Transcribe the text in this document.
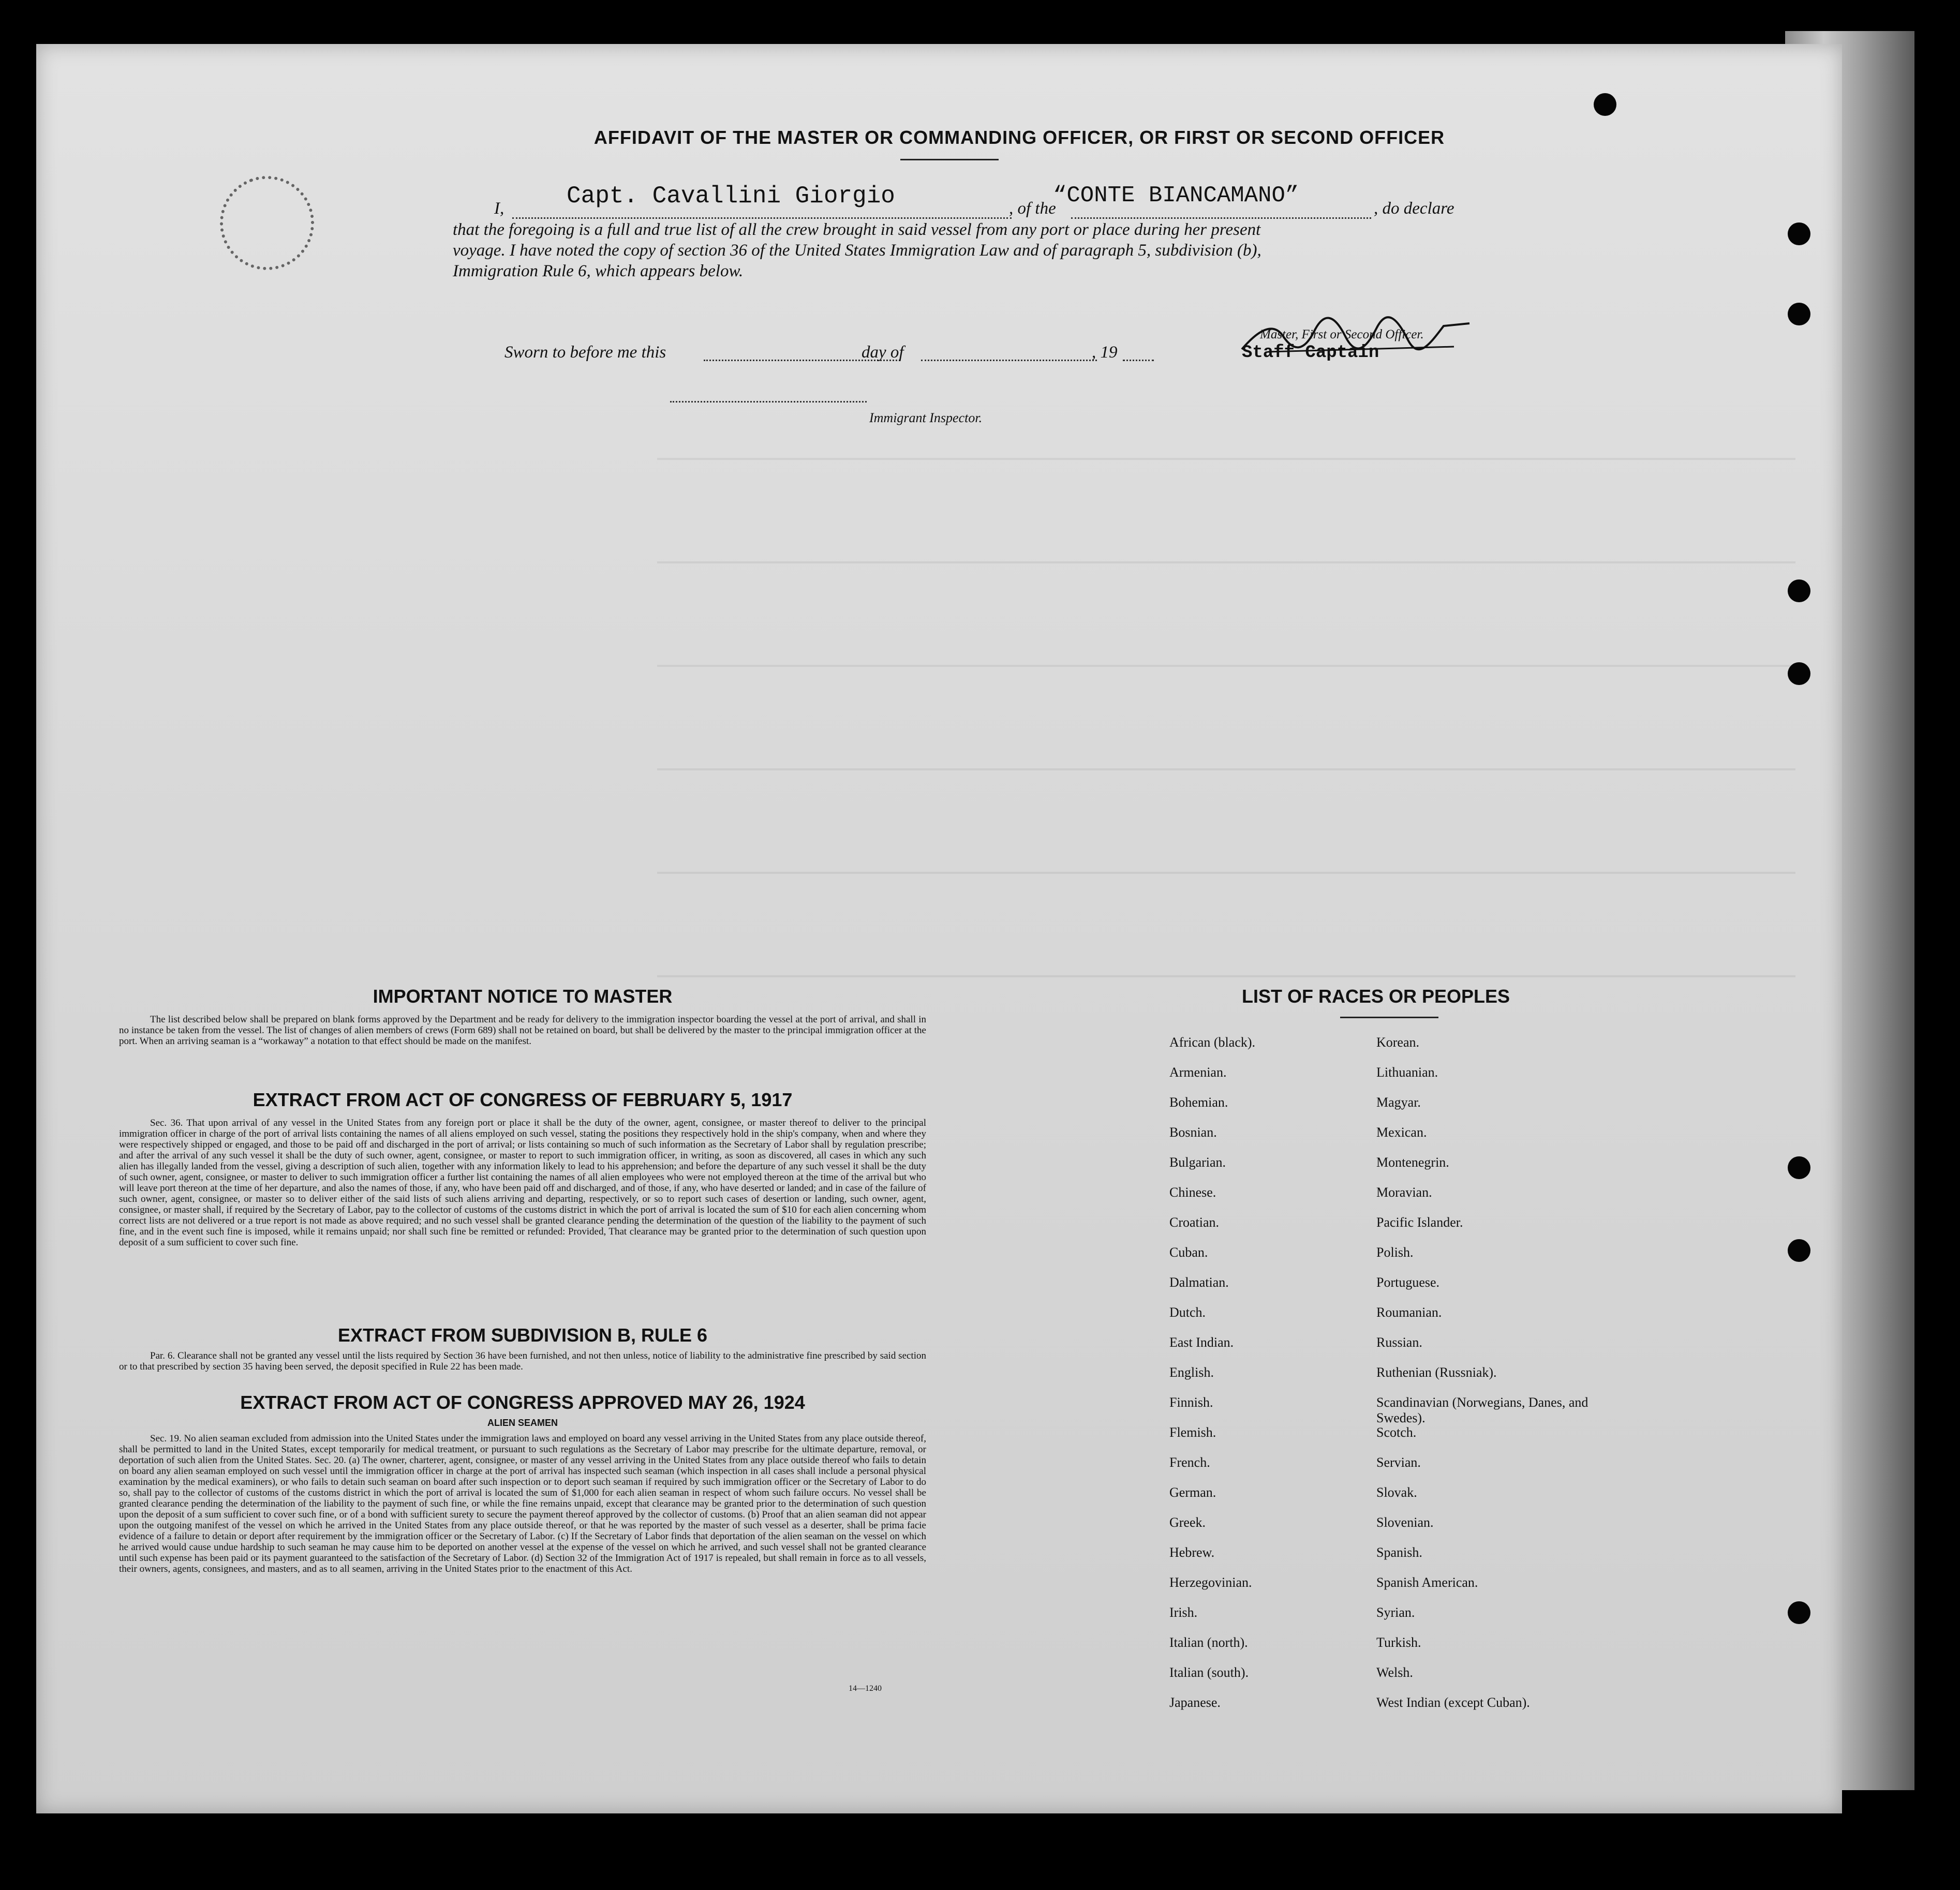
AFFIDAVIT OF THE MASTER OR COMMANDING OFFICER, OR FIRST OR SECOND OFFICER
I,	Capt. Cavallini Giorgio	, of the
“CONTE BIANCAMANO”	, do declare
that the foregoing is a full and true list of all the crew brought in said vessel from any port or place during her present
voyage. I have noted the copy of section 36 of the United States Immigration Law and of paragraph 5, subdivision (b),
Immigration Rule 6, which appears below.
Master, First or Second Officer.
Staff Captain
Sworn to before me this	day of	, 19
Immigrant Inspector.
IMPORTANT NOTICE TO MASTER
The list described below shall be prepared on blank forms approved by the Department and be ready for delivery to the immigration inspector boarding the vessel at the port of arrival, and shall in no instance be taken from the vessel. The list of changes of alien members of crews (Form 689) shall not be retained on board, but shall be delivered by the master to the principal immigration officer at the port. When an arriving seaman is a “workaway” a notation to that effect should be made on the manifest.
EXTRACT FROM ACT OF CONGRESS OF FEBRUARY 5, 1917
Sec. 36. That upon arrival of any vessel in the United States from any foreign port or place it shall be the duty of the owner, agent, consignee, or master thereof to deliver to the principal immigration officer in charge of the port of arrival lists containing the names of all aliens employed on such vessel, stating the positions they respectively hold in the ship's company, when and where they were respectively shipped or engaged, and those to be paid off and discharged in the port of arrival; or lists containing so much of such information as the Secretary of Labor shall by regulation prescribe; and after the arrival of any such vessel it shall be the duty of such owner, agent, consignee, or master to report to such immigration officer, in writing, as soon as discovered, all cases in which any such alien has illegally landed from the vessel, giving a description of such alien, together with any information likely to lead to his apprehension; and before the departure of any such vessel it shall be the duty of such owner, agent, consignee, or master to deliver to such immigration officer a further list containing the names of all alien employees who were not employed thereon at the time of the arrival but who will leave port thereon at the time of her departure, and also the names of those, if any, who have been paid off and discharged, and of those, if any, who have deserted or landed; and in case of the failure of such owner, agent, consignee, or master so to deliver either of the said lists of such aliens arriving and departing, respectively, or so to report such cases of desertion or landing, such owner, agent, consignee, or master shall, if required by the Secretary of Labor, pay to the collector of customs of the customs district in which the port of arrival is located the sum of $10 for each alien concerning whom correct lists are not delivered or a true report is not made as above required; and no such vessel shall be granted clearance pending the determination of the question of the liability to the payment of such fine, and in the event such fine is imposed, while it remains unpaid; nor shall such fine be remitted or refunded: Provided, That clearance may be granted prior to the determination of such question upon deposit of a sum sufficient to cover such fine.
EXTRACT FROM SUBDIVISION B, RULE 6
Par. 6. Clearance shall not be granted any vessel until the lists required by Section 36 have been furnished, and not then unless, notice of liability to the administrative fine prescribed by said section or to that prescribed by section 35 having been served, the deposit specified in Rule 22 has been made.
EXTRACT FROM ACT OF CONGRESS APPROVED MAY 26, 1924
ALIEN SEAMEN
Sec. 19. No alien seaman excluded from admission into the United States under the immigration laws and employed on board any vessel arriving in the United States from any place outside thereof, shall be permitted to land in the United States, except temporarily for medical treatment, or pursuant to such regulations as the Secretary of Labor may prescribe for the ultimate departure, removal, or deportation of such alien from the United States. Sec. 20. (a) The owner, charterer, agent, consignee, or master of any vessel arriving in the United States from any place outside thereof who fails to detain on board any alien seaman employed on such vessel until the immigration officer in charge at the port of arrival has inspected such seaman (which inspection in all cases shall include a personal physical examination by the medical examiners), or who fails to detain such seaman on board after such inspection or to deport such seaman if required by such immigration officer or the Secretary of Labor to do so, shall pay to the collector of customs of the customs district in which the port of arrival is located the sum of $1,000 for each alien seaman in respect of whom such failure occurs. No vessel shall be granted clearance pending the determination of the liability to the payment of such fine, or while the fine remains unpaid, except that clearance may be granted prior to the determination of such question upon the deposit of a sum sufficient to cover such fine, or of a bond with sufficient surety to secure the payment thereof approved by the collector of customs. (b) Proof that an alien seaman did not appear upon the outgoing manifest of the vessel on which he arrived in the United States from any place outside thereof, or that he was reported by the master of such vessel as a deserter, shall be prima facie evidence of a failure to detain or deport after requirement by the immigration officer or the Secretary of Labor. (c) If the Secretary of Labor finds that deportation of the alien seaman on the vessel on which he arrived would cause undue hardship to such seaman he may cause him to be deported on another vessel at the expense of the vessel on which he arrived, and such vessel shall not be granted clearance until such expense has been paid or its payment guaranteed to the satisfaction of the Secretary of Labor. (d) Section 32 of the Immigration Act of 1917 is repealed, but shall remain in force as to all vessels, their owners, agents, consignees, and masters, and as to all seamen, arriving in the United States prior to the enactment of this Act.
14—1240
LIST OF RACES OR PEOPLES
African (black).
Armenian.
Bohemian.
Bosnian.
Bulgarian.
Chinese.
Croatian.
Cuban.
Dalmatian.
Dutch.
East Indian.
English.
Finnish.
Flemish.
French.
German.
Greek.
Hebrew.
Herzegovinian.
Irish.
Italian (north).
Italian (south).
Japanese.
Korean.
Lithuanian.
Magyar.
Mexican.
Montenegrin.
Moravian.
Pacific Islander.
Polish.
Portuguese.
Roumanian.
Russian.
Ruthenian (Russniak).
Scandinavian (Norwegians, Danes, and Swedes).
Scotch.
Servian.
Slovak.
Slovenian.
Spanish.
Spanish American.
Syrian.
Turkish.
Welsh.
West Indian (except Cuban).
